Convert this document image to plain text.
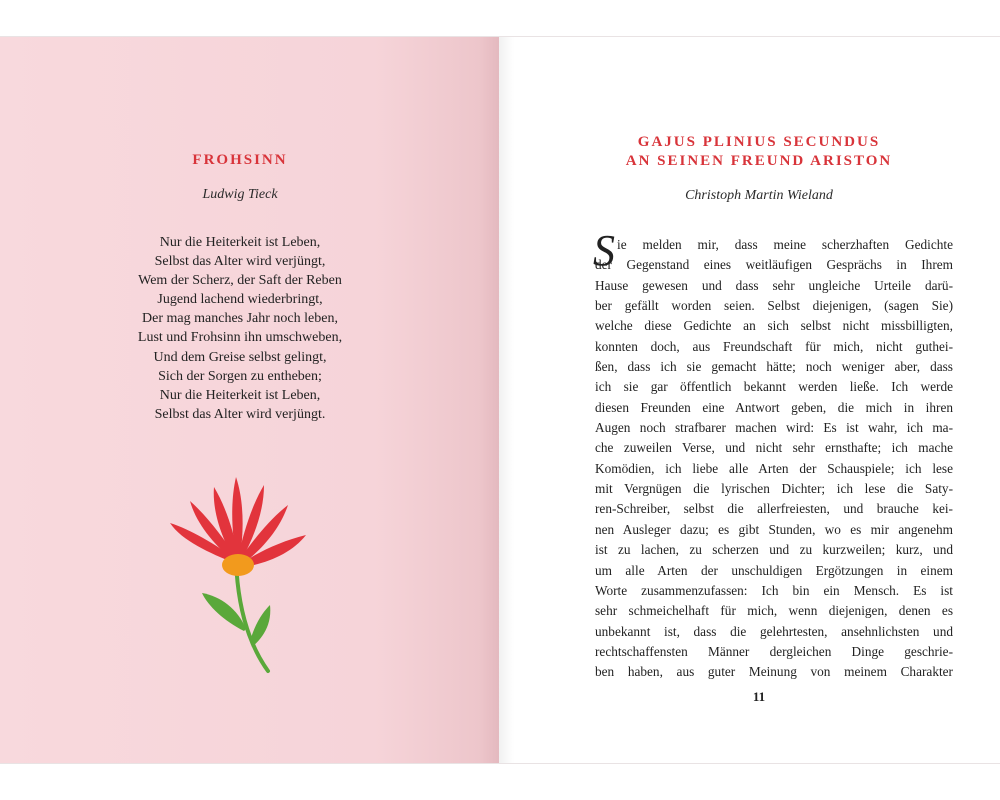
FROHSINN

Ludwig Tieck

Nur die Heiterkeit ist Leben,
Selbst das Alter wird verjüngt,
Wem der Scherz, der Saft der Reben
Jugend lachend wiederbringt,
Der mag manches Jahr noch leben,
Lust und Frohsinn ihn umschweben,
Und dem Greise selbst gelingt,
Sich der Sorgen zu entheben;
Nur die Heiterkeit ist Leben,
Selbst das Alter wird verjüngt.
GAJUS PLINIUS SECUNDUS
AN SEINEN FREUND ARISTON

Christoph Martin Wieland

S ie melden mir, dass meine scherzhaften Gedichte
der Gegenstand eines weitläufigen Gesprächs in Ihrem
Hause gewesen und dass sehr ungleiche Urteile darü-
ber gefällt worden seien. Selbst diejenigen, (sagen Sie)
welche diese Gedichte an sich selbst nicht missbilligten,
konnten doch, aus Freundschaft für mich, nicht guthei-
ßen, dass ich sie gemacht hätte; noch weniger aber, dass
ich sie gar öffentlich bekannt werden ließe. Ich werde
diesen Freunden eine Antwort geben, die mich in ihren
Augen noch strafbarer machen wird: Es ist wahr, ich ma-
che zuweilen Verse, und nicht sehr ernsthafte; ich mache
Komödien, ich liebe alle Arten der Schauspiele; ich lese
mit Vergnügen die lyrischen Dichter; ich lese die Saty-
ren-Schreiber, selbst die allerfreiesten, und brauche kei-
nen Ausleger dazu; es gibt Stunden, wo es mir angenehm
ist zu lachen, zu scherzen und zu kurzweilen; kurz, und
um alle Arten der unschuldigen Ergötzungen in einem
Worte zusammenzufassen: Ich bin ein Mensch. Es ist
sehr schmeichelhaft für mich, wenn diejenigen, denen es
unbekannt ist, dass die gelehrtesten, ansehnlichsten und
rechtschaffensten Männer dergleichen Dinge geschrie-
ben haben, aus guter Meinung von meinem Charakter
11
